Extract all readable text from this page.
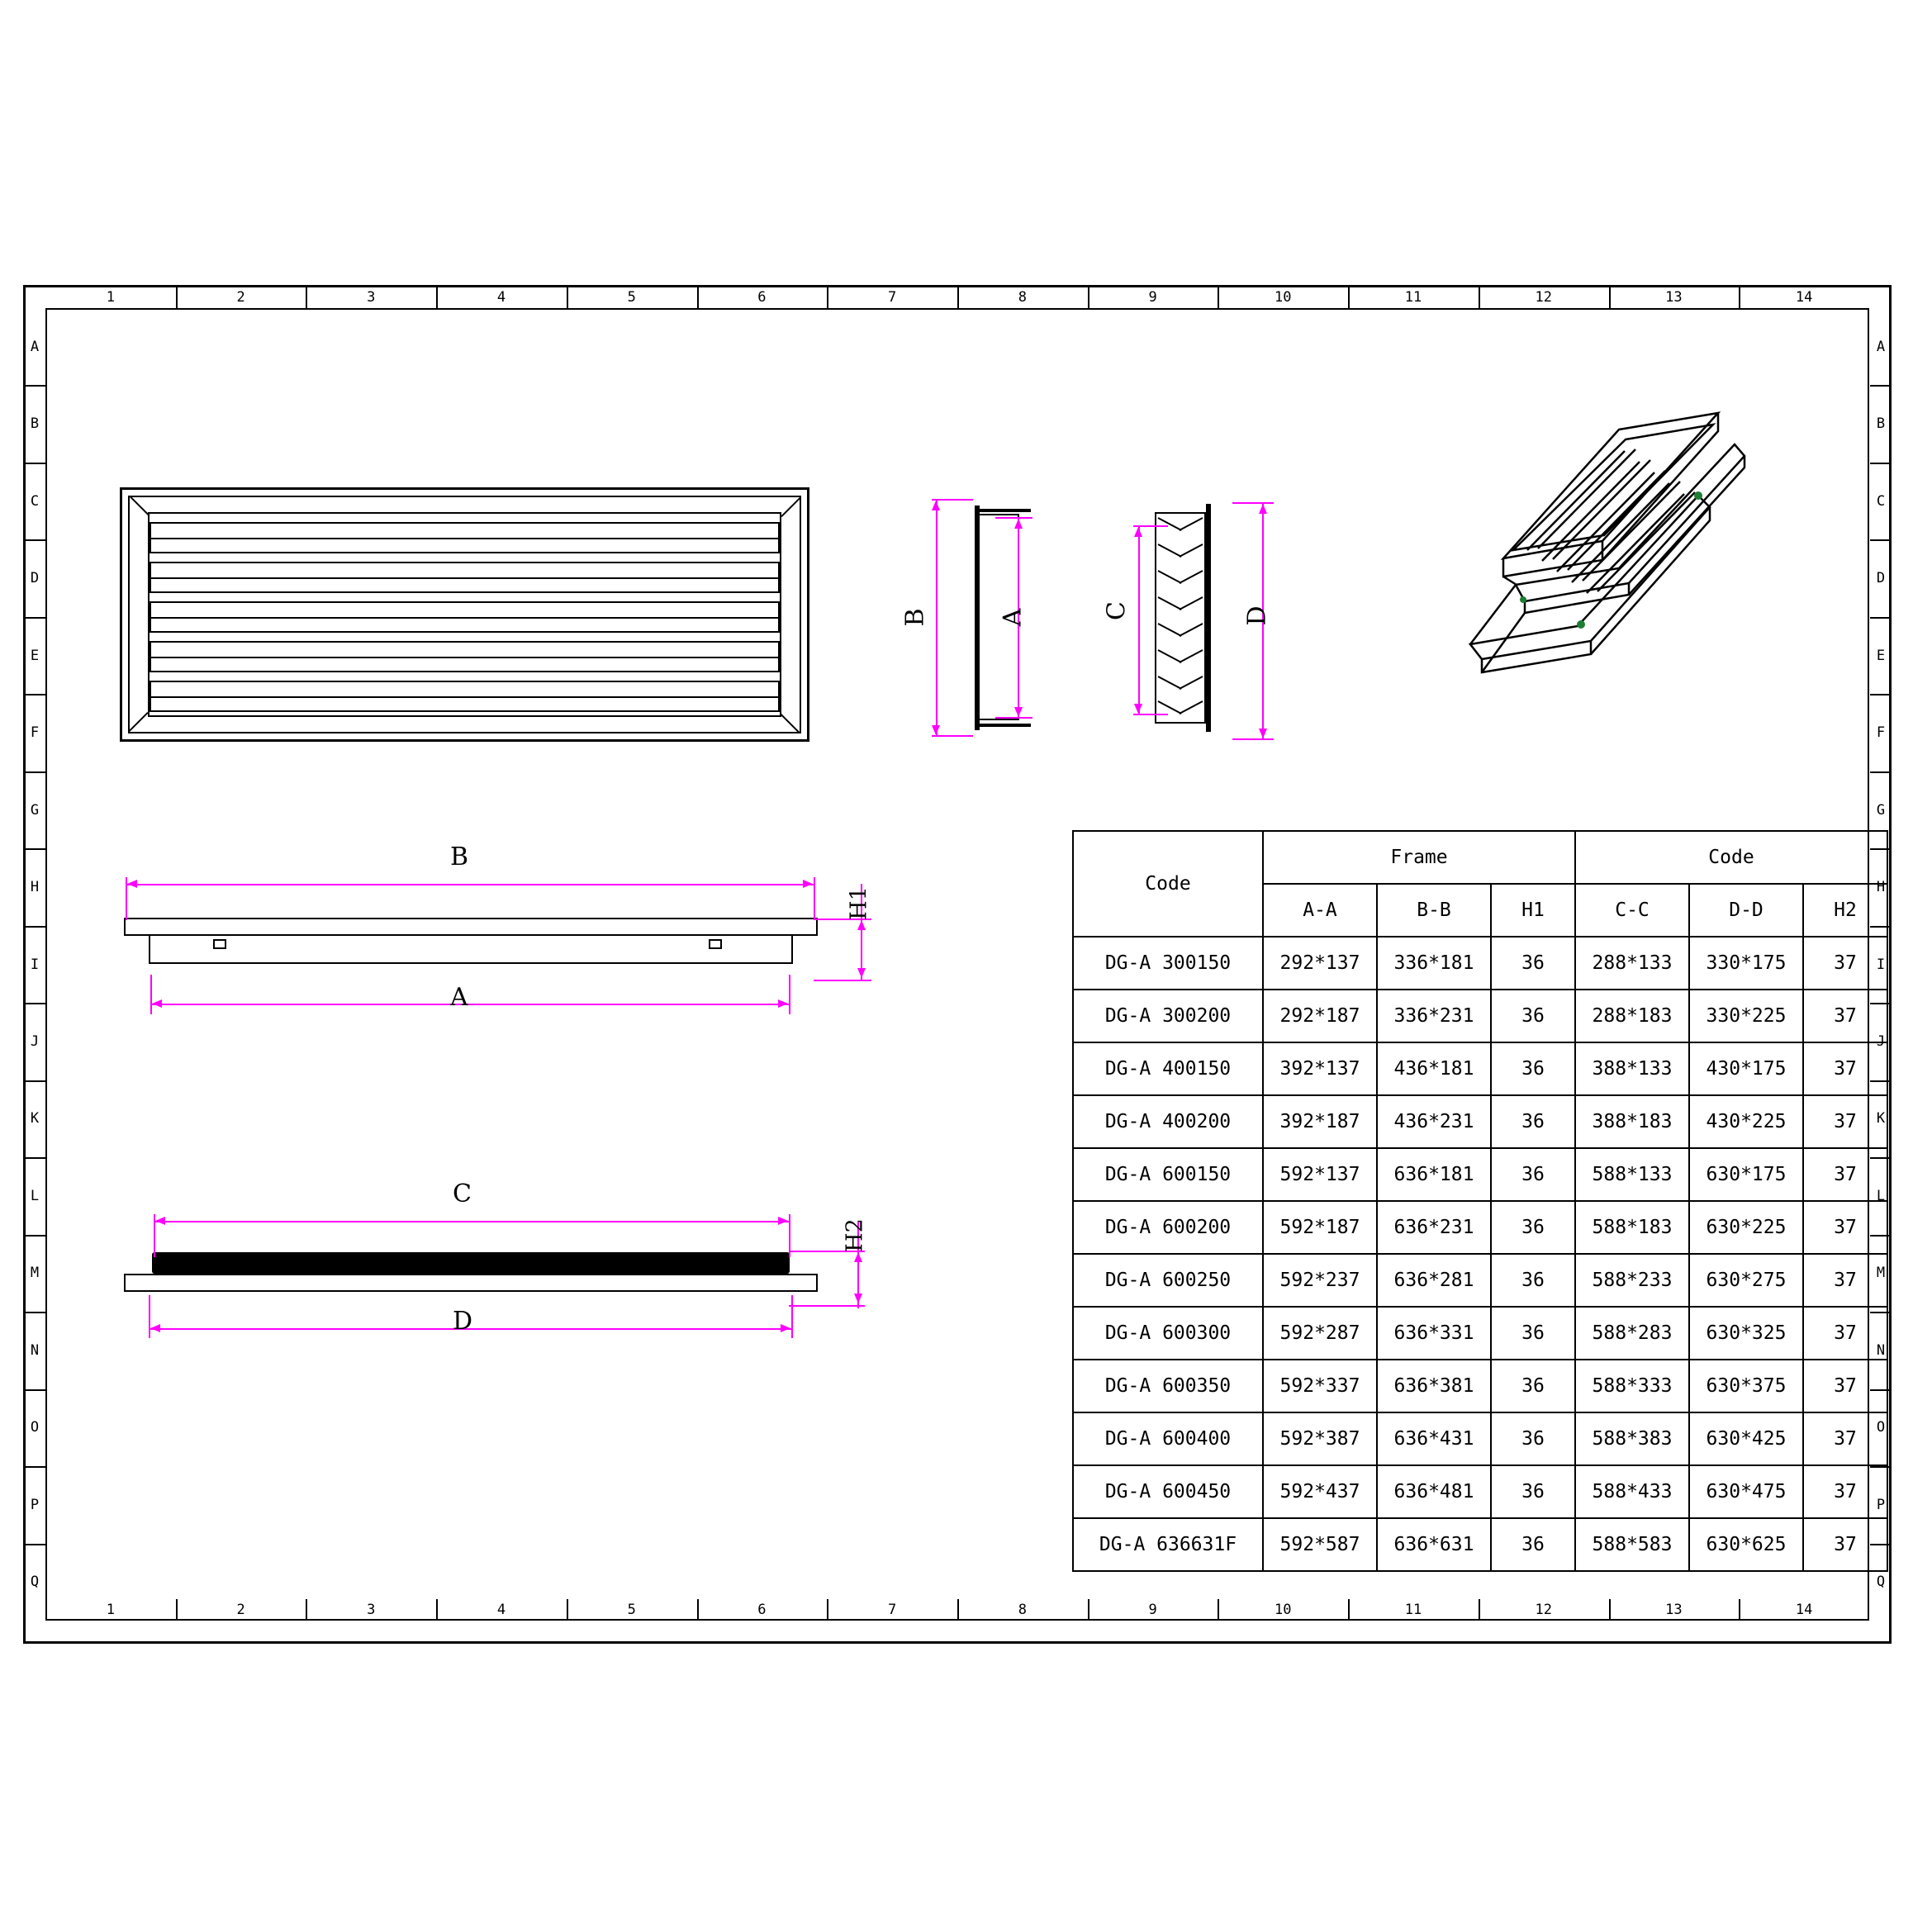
1	2	3	4	5	6	7	8	9	10	11	12	13	14
1	2	3	4	5	6	7	8	9	10	11	12	13	14
A
B
C
D
E
F
G
H
I
J
K
L
M
N
O
P
Q
A
B
C
D
E
F
G
H
I
J
K
L
M
N
O
P
Q
B	A	C	D
B
A
H1
C
D
H2
Code	Frame			Code		
	A-A	B-B	H1	C-C	D-D	H2
DG-A 300150	292*137	336*181	36	288*133	330*175	37
DG-A 300200	292*187	336*231	36	288*183	330*225	37
DG-A 400150	392*137	436*181	36	388*133	430*175	37
DG-A 400200	392*187	436*231	36	388*183	430*225	37
DG-A 600150	592*137	636*181	36	588*133	630*175	37
DG-A 600200	592*187	636*231	36	588*183	630*225	37
DG-A 600250	592*237	636*281	36	588*233	630*275	37
DG-A 600300	592*287	636*331	36	588*283	630*325	37
DG-A 600350	592*337	636*381	36	588*333	630*375	37
DG-A 600400	592*387	636*431	36	588*383	630*425	37
DG-A 600450	592*437	636*481	36	588*433	630*475	37
DG-A 636631F	592*587	636*631	36	588*583	630*625	37
